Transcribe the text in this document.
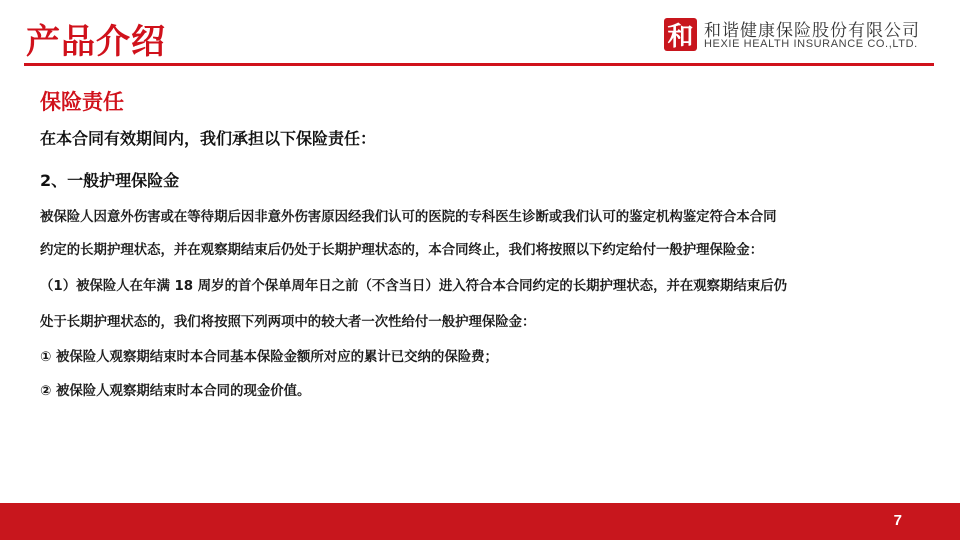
产品介绍	和 和谐健康保险股份有限公司
HEXIE HEALTH INSURANCE CO.,LTD.
保险责任
在本合同有效期间内，我们承担以下保险责任：
2、一般护理保险金
被保险人因意外伤害或在等待期后因非意外伤害原因经我们认可的医院的专科医生诊断或我们认可的鉴定机构鉴定符合本合同
约定的长期护理状态，并在观察期结束后仍处于长期护理状态的，本合同终止，我们将按照以下约定给付一般护理保险金：
（1）被保险人在年满 18 周岁的首个保单周年日之前（不含当日）进入符合本合同约定的长期护理状态，并在观察期结束后仍
处于长期护理状态的，我们将按照下列两项中的较大者一次性给付一般护理保险金：
① 被保险人观察期结束时本合同基本保险金额所对应的累计已交纳的保险费；
② 被保险人观察期结束时本合同的现金价值。
7
